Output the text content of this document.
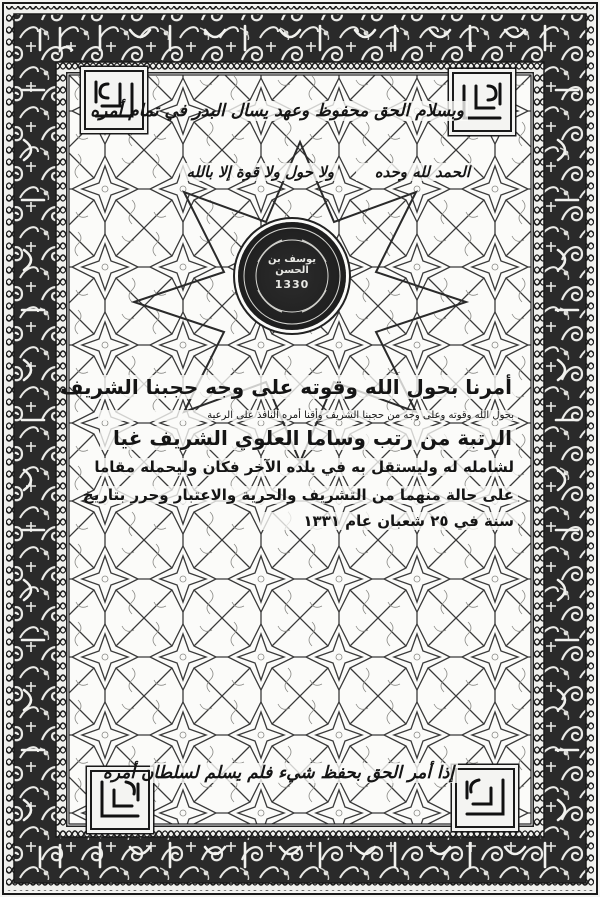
وبسلام الحق محفوظ وعهد يسال البدر في تمام أمره
الحمد لله وحده
ولا حول ولا قوة إلا بالله
يوسف بن الحسن
1330
أمرنا بحول الله وقوته على وجه حجبنا الشريف
بحول الله وقوته وعلى وجه من حجبنا الشريف وأقنا أمره النافذ على الرعية
الرتبة من رتب وساما العلوي الشريف غيا
لشامله له وليستقل به في بلده الآخر فكان وليحمله مقاما
على حالة منهما من التشريف والحرية والاعتبار وحرر بتاريخ
سنة في ٢٥ شعبان عام ١٣٣١
إذا أمر الحق بحفظ شيء فلم يسلم لسلطان أمره
